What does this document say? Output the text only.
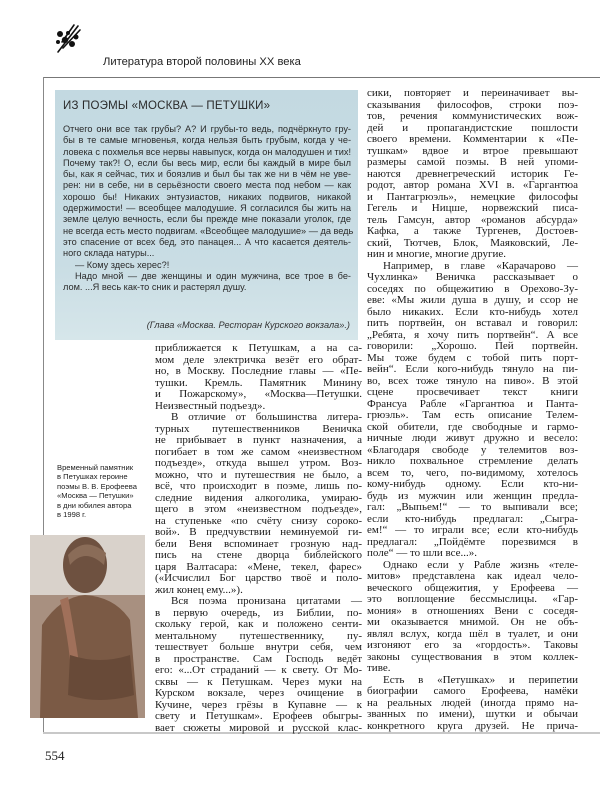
Литература второй половины XX века
ИЗ ПОЭМЫ «МОСКВА — ПЕТУШКИ»
Отчего они все так грубы? А? И грубы-то ведь, подчёркнуто гру-
бы в те самые мгновенья, когда нельзя быть грубым, когда у че-
ловека с похмелья все нервы навыпуск, когда он малодушен и тих!
Почему так?! О, если бы весь мир, если бы каждый в мире был
бы, как я сейчас, тих и боязлив и был бы так же ни в чём не уве-
рен: ни в себе, ни в серьёзности своего места под небом — как
хорошо бы! Никаких энтузиастов, никаких подвигов, никакой
одержимости! — всеобщее малодушие. Я согласился бы жить на
земле целую вечность, если бы прежде мне показали уголок, где
не всегда есть место подвигам. «Всеобщее малодушие» — да ведь
это спасение от всех бед, это панацея... А что касается деятель-
ного склада натуры...
— Кому здесь херес?!
Надо мной — две женщины и один мужчина, все трое в бе-
лом. ...Я весь как-то сник и растерял душу.
(Глава «Москва. Ресторан Курского вокзала».)
приближается к Петушкам, а на са-
мом деле электричка везёт его обрат-
но, в Москву. Последние главы — «Пе-
тушки. Кремль. Памятник Минину
и Пожарскому», «Москва—Петушки.
Неизвестный подъезд».
В отличие от большинства литера-
турных путешественников Веничка
не прибывает в пункт назначения, а
погибает в том же самом «неизвестном
подъезде», откуда вышел утром. Воз-
можно, что и путешествия не было, а
всё, что происходит в поэме, лишь по-
следние видения алкоголика, умираю-
щего в этом «неизвестном подъезде»,
на ступеньке «по счёту снизу сороко-
вой». В предчувствии неминуемой ги-
бели Веня вспоминает грозную над-
пись на стене дворца библейского
царя Валтасара: «Мене, текел, фарес»
(«Исчислил Бог царство твоё и поло-
жил конец ему...»).
Вся поэма пронизана цитатами —
в первую очередь, из Библии, по-
скольку герой, как и положено сенти-
ментальному путешественнику, пу-
тешествует больше внутри себя, чем
в пространстве. Сам Господь ведёт
его: «...От страданий — к свету. От Мо-
сквы — к Петушкам. Через муки на
Курском вокзале, через очищение в
Кучине, через грёзы в Купавне — к
свету и Петушкам». Ерофеев обыгры-
вает сюжеты мировой и русской клас-
сики, повторяет и переиначивает вы-
сказывания философов, строки поэ-
тов, речения коммунистических вож-
дей и пропагандистские пошлости
своего времени. Комментарии к «Пе-
тушкам» вдвое и втрое превышают
размеры самой поэмы. В ней упоми-
наются древнегреческий историк Ге-
родот, автор романа XVI в. «Гаргантюа
и Пантагрюэль», немецкие философы
Гегель и Ницше, норвежский писа-
тель Гамсун, автор «романов абсурда»
Кафка, а также Тургенев, Достоев-
ский, Тютчев, Блок, Маяковский, Ле-
нин и многие, многие другие.
Например, в главе «Карачарово —
Чухлинка» Веничка рассказывает о
соседях по общежитию в Орехово-Зу-
еве: «Мы жили душа в душу, и ссор не
было никаких. Если кто-нибудь хотел
пить портвейн, он вставал и говорил:
„Ребята, я хочу пить портвейн“. А все
говорили: „Хорошо. Пей портвейн.
Мы тоже будем с тобой пить порт-
вейн“. Если кого-нибудь тянуло на пи-
во, всех тоже тянуло на пиво». В этой
сцене просвечивает текст книги
Франсуа Рабле «Гаргантюа и Панта-
грюэль». Там есть описание Телем-
ской обители, где свободные и гармо-
ничные люди живут дружно и весело:
«Благодаря свободе у телемитов воз-
никло похвальное стремление делать
всем то, чего, по-видимому, хотелось
кому-нибудь одному. Если кто-ни-
будь из мужчин или женщин предла-
гал: „Выпьем!“ — то выпивали все;
если кто-нибудь предлагал: „Сыгра-
ем!“ — то играли все; если кто-нибудь
предлагал: „Пойдёмте порезвимся в
поле“ — то шли все...».
Однако если у Рабле жизнь «теле-
митов» представлена как идеал чело-
веческого общежития, у Ерофеева —
это воплощение бессмыслицы. «Гар-
мония» в отношениях Вени с соседя-
ми оказывается мнимой. Он не объ-
являл вслух, когда шёл в туалет, и они
изгоняют его за «гордость». Таковы
законы существования в этом коллек-
тиве.
Есть в «Петушках» и перипетии
биографии самого Ерофеева, намёки
на реальных людей (иногда прямо на-
званных по имени), шутки и обычаи
конкретного круга друзей. Не прича-
Временный памятник
в Петушках героине
поэмы В. В. Ерофеева
«Москва — Петушки»
в дни юбилея автора
в 1998 г.
554
